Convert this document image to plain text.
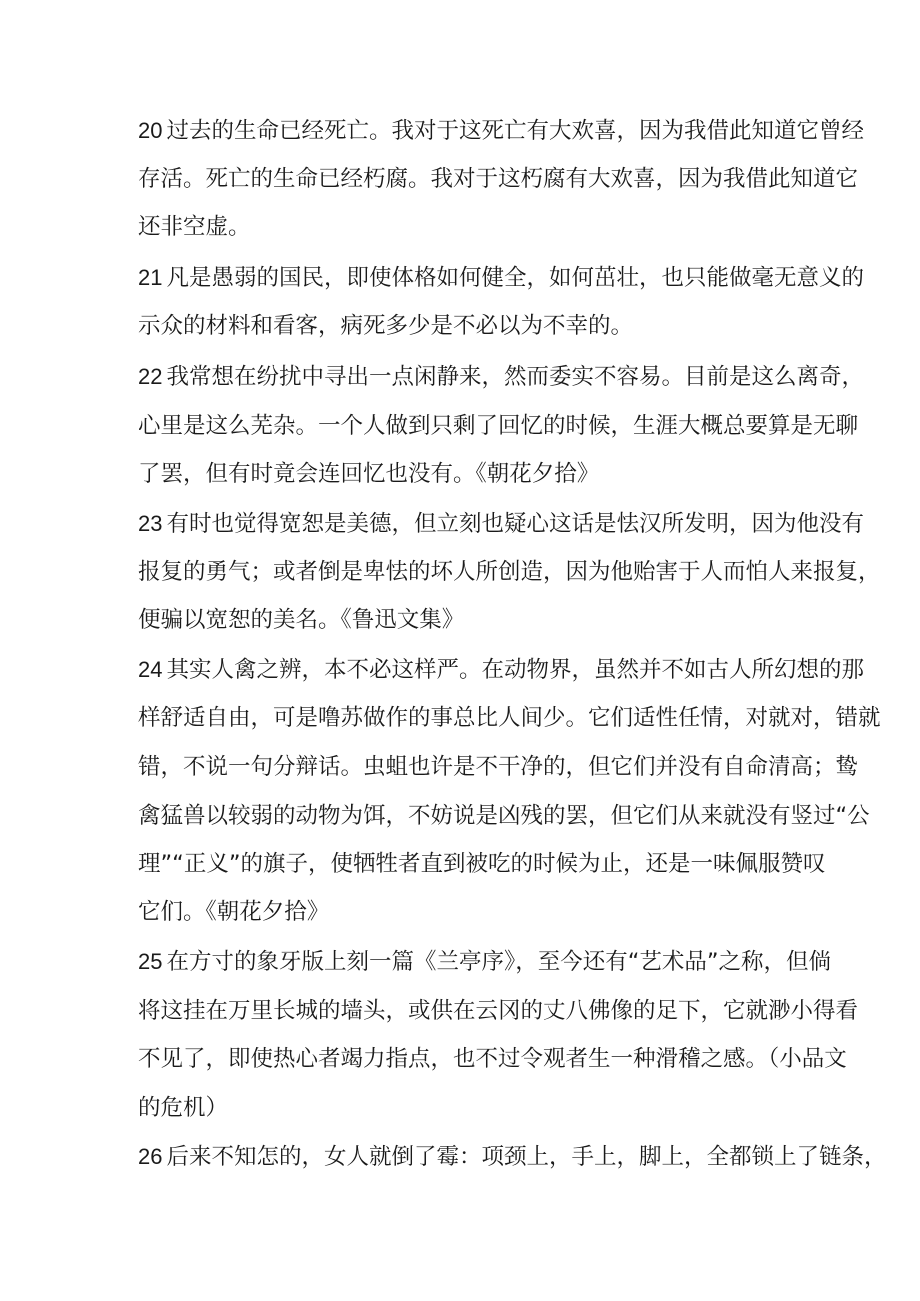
20 过去的生命已经死亡。我对于这死亡有大欢喜，因为我借此知道它曾经
存活。死亡的生命已经朽腐。我对于这朽腐有大欢喜，因为我借此知道它
还非空虚。
21 凡是愚弱的国民，即使体格如何健全，如何茁壮，也只能做毫无意义的
示众的材料和看客，病死多少是不必以为不幸的。
22 我常想在纷扰中寻出一点闲静来，然而委实不容易。目前是这么离奇，
心里是这么芜杂。一个人做到只剩了回忆的时候，生涯大概总要算是无聊
了罢，但有时竟会连回忆也没有。《朝花夕拾》
23 有时也觉得宽恕是美德，但立刻也疑心这话是怯汉所发明，因为他没有
报复的勇气；或者倒是卑怯的坏人所创造，因为他贻害于人而怕人来报复，
便骗以宽恕的美名。《鲁迅文集》
24 其实人禽之辨，本不必这样严。在动物界，虽然并不如古人所幻想的那
样舒适自由，可是噜苏做作的事总比人间少。它们适性任情，对就对，错就
错，不说一句分辩话。虫蛆也许是不干净的，但它们并没有自命清高；鸷
禽猛兽以较弱的动物为饵，不妨说是凶残的罢，但它们从来就没有竖过“公
理”“正义”的旗子，使牺牲者直到被吃的时候为止，还是一味佩服赞叹
它们。《朝花夕拾》
25 在方寸的象牙版上刻一篇《兰亭序》，至今还有“艺术品”之称，但倘
将这挂在万里长城的墙头，或供在云冈的丈八佛像的足下，它就渺小得看
不见了，即使热心者竭力指点，也不过令观者生一种滑稽之感。（小品文
的危机）
26 后来不知怎的，女人就倒了霉：项颈上，手上，脚上，全都锁上了链条，
